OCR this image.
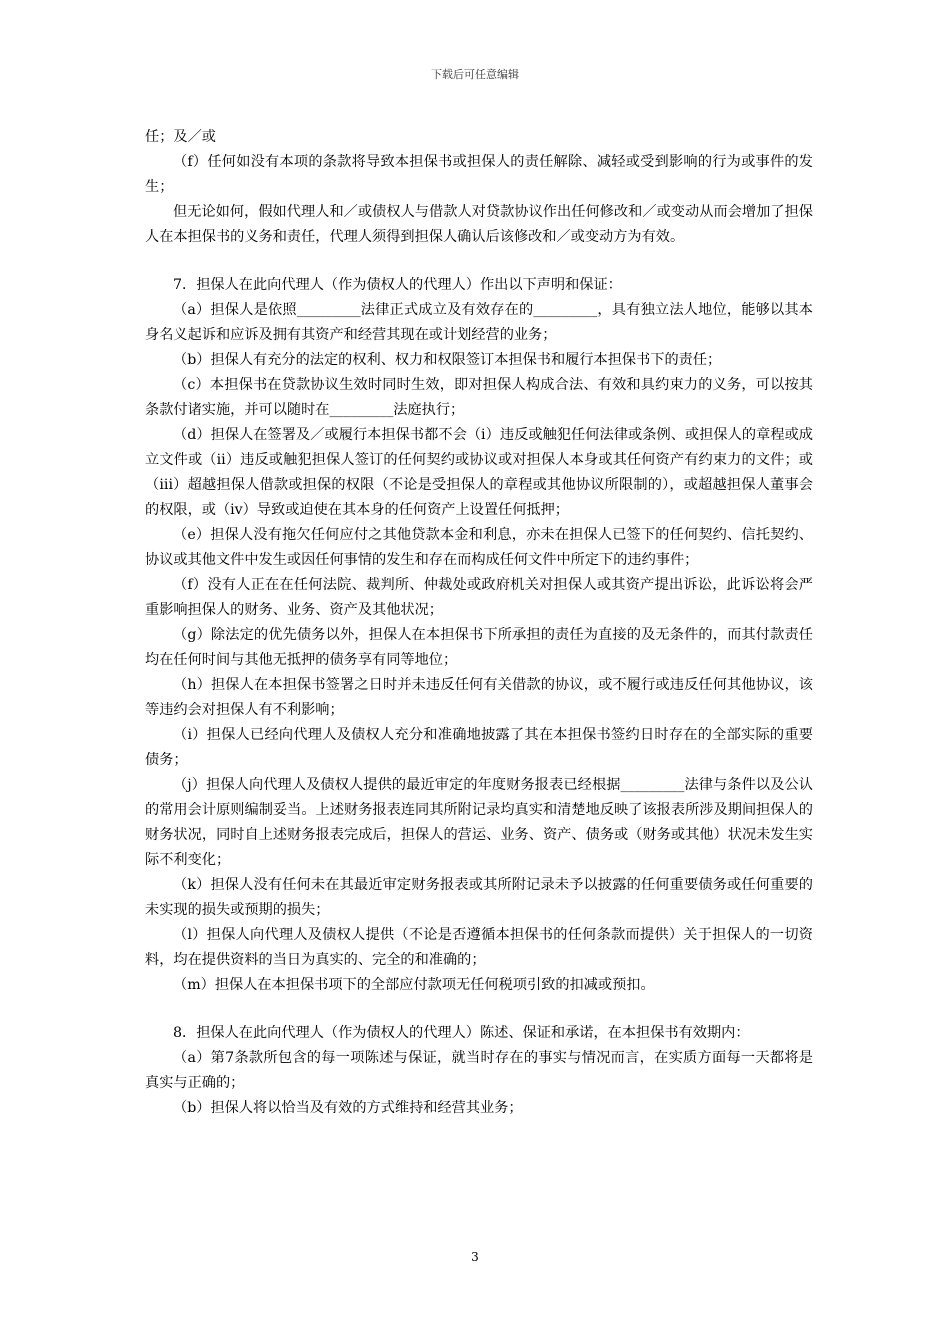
下载后可任意编辑

任；及／或

（f）任何如没有本项的条款将导致本担保书或担保人的责任解除、减轻或受到影响的行为或事件的发生；

但无论如何，假如代理人和／或债权人与借款人对贷款协议作出任何修改和／或变动从而会增加了担保人在本担保书的义务和责任，代理人须得到担保人确认后该修改和／或变动方为有效。

7．担保人在此向代理人（作为债权人的代理人）作出以下声明和保证：

（a）担保人是依照_________法律正式成立及有效存在的_________，具有独立法人地位，能够以其本身名义起诉和应诉及拥有其资产和经营其现在或计划经营的业务；

（b）担保人有充分的法定的权利、权力和权限签订本担保书和履行本担保书下的责任；

（c）本担保书在贷款协议生效时同时生效，即对担保人构成合法、有效和具约束力的义务，可以按其条款付诸实施，并可以随时在_________法庭执行；

（d）担保人在签署及／或履行本担保书都不会（i）违反或触犯任何法律或条例、或担保人的章程或成立文件或（ii）违反或触犯担保人签订的任何契约或协议或对担保人本身或其任何资产有约束力的文件；或（iii）超越担保人借款或担保的权限（不论是受担保人的章程或其他协议所限制的），或超越担保人董事会的权限，或（iv）导致或迫使在其本身的任何资产上设置任何抵押；

（e）担保人没有拖欠任何应付之其他贷款本金和利息，亦未在担保人已签下的任何契约、信托契约、协议或其他文件中发生或因任何事情的发生和存在而构成任何文件中所定下的违约事件；

（f）没有人正在在任何法院、裁判所、仲裁处或政府机关对担保人或其资产提出诉讼，此诉讼将会严重影响担保人的财务、业务、资产及其他状况；

（g）除法定的优先债务以外，担保人在本担保书下所承担的责任为直接的及无条件的，而其付款责任均在任何时间与其他无抵押的债务享有同等地位；

（h）担保人在本担保书签署之日时并未违反任何有关借款的协议，或不履行或违反任何其他协议，该等违约会对担保人有不利影响；

（i）担保人已经向代理人及债权人充分和准确地披露了其在本担保书签约日时存在的全部实际的重要债务；

（j）担保人向代理人及债权人提供的最近审定的年度财务报表已经根据_________法律与条件以及公认的常用会计原则编制妥当。上述财务报表连同其所附记录均真实和清楚地反映了该报表所涉及期间担保人的财务状况，同时自上述财务报表完成后，担保人的营运、业务、资产、债务或（财务或其他）状况未发生实际不利变化；

（k）担保人没有任何未在其最近审定财务报表或其所附记录未予以披露的任何重要债务或任何重要的未实现的损失或预期的损失；

（l）担保人向代理人及债权人提供（不论是否遵循本担保书的任何条款而提供）关于担保人的一切资料，均在提供资料的当日为真实的、完全的和准确的；

（m）担保人在本担保书项下的全部应付款项无任何税项引致的扣减或预扣。

8．担保人在此向代理人（作为债权人的代理人）陈述、保证和承诺，在本担保书有效期内：

（a）第7条款所包含的每一项陈述与保证，就当时存在的事实与情况而言，在实质方面每一天都将是真实与正确的；

（b）担保人将以恰当及有效的方式维持和经营其业务；

3
